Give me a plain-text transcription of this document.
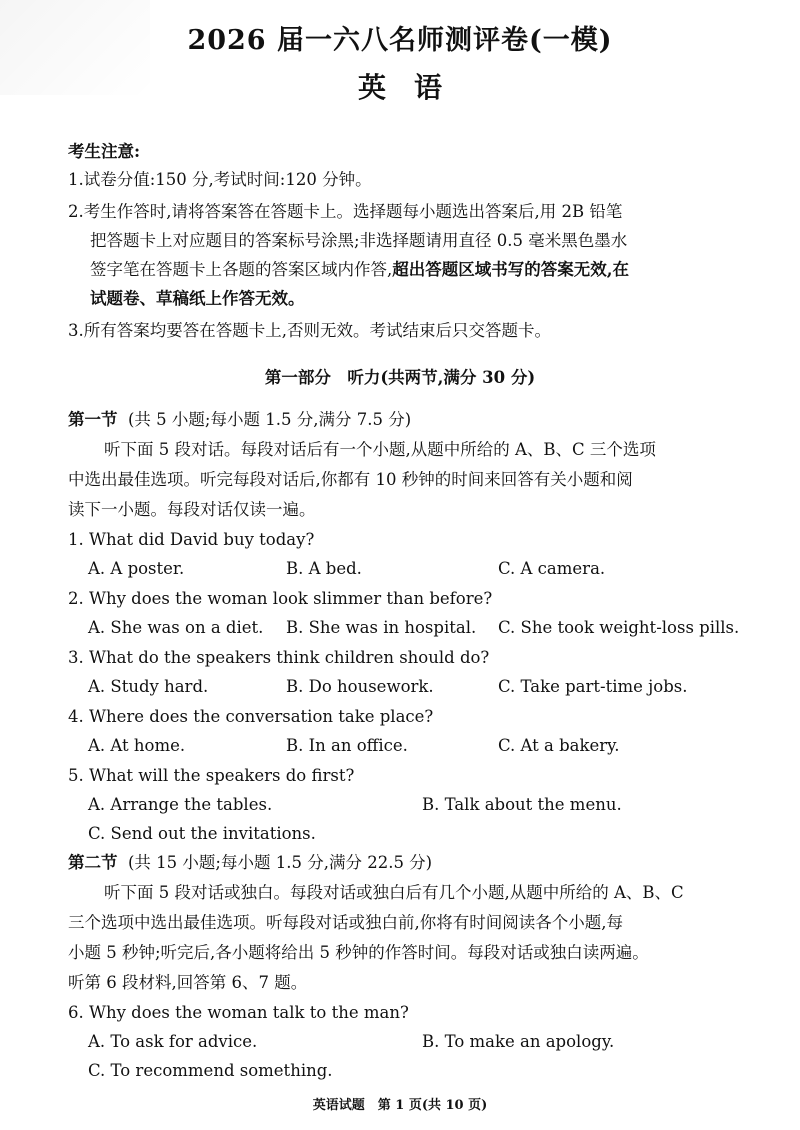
2026 届一六八名师测评卷(一模)
英语
考生注意:
1.试卷分值:150 分,考试时间:120 分钟。
2.考生作答时,请将答案答在答题卡上。选择题每小题选出答案后,用 2B 铅笔
把答题卡上对应题目的答案标号涂黑;非选择题请用直径 0.5 毫米黑色墨水
签字笔在答题卡上各题的答案区域内作答,超出答题区域书写的答案无效,在
试题卷、草稿纸上作答无效。
3.所有答案均要答在答题卡上,否则无效。考试结束后只交答题卡。
第一部分　听力(共两节,满分 30 分)
第一节 (共 5 小题;每小题 1.5 分,满分 7.5 分)
听下面 5 段对话。每段对话后有一个小题,从题中所给的 A、B、C 三个选项
中选出最佳选项。听完每段对话后,你都有 10 秒钟的时间来回答有关小题和阅
读下一小题。每段对话仅读一遍。
1. What did David buy today?
A. A poster.	B. A bed.	C. A camera.
2. Why does the woman look slimmer than before?
A. She was on a diet. B. She was in hospital. C. She took weight-loss pills.
3. What do the speakers think children should do?
A. Study hard.	B. Do housework.	C. Take part-time jobs.
4. Where does the conversation take place?
A. At home.	B. In an office.	C. At a bakery.
5. What will the speakers do first?
A. Arrange the tables.	B. Talk about the menu.
C. Send out the invitations.
第二节 (共 15 小题;每小题 1.5 分,满分 22.5 分)
听下面 5 段对话或独白。每段对话或独白后有几个小题,从题中所给的 A、B、C
三个选项中选出最佳选项。听每段对话或独白前,你将有时间阅读各个小题,每
小题 5 秒钟;听完后,各小题将给出 5 秒钟的作答时间。每段对话或独白读两遍。
听第 6 段材料,回答第 6、7 题。
6. Why does the woman talk to the man?
A. To ask for advice.	B. To make an apology.
C. To recommend something.
英语试题　第 1 页(共 10 页)
